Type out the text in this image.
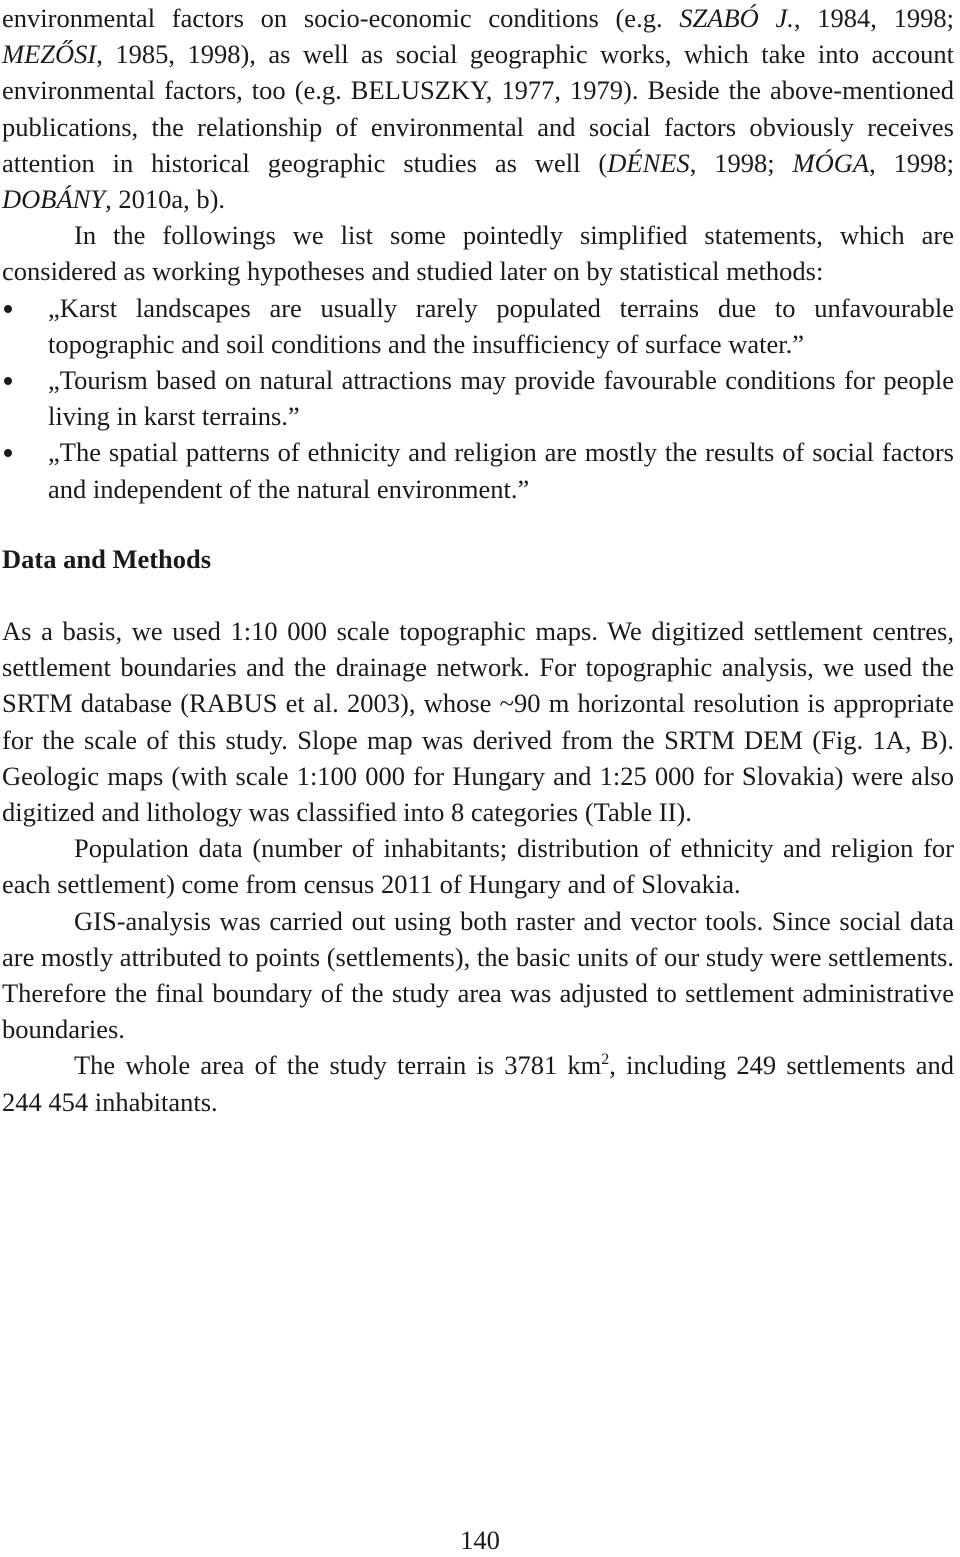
environmental factors on socio-economic conditions (e.g. SZABÓ J., 1984, 1998; MEZŐSI, 1985, 1998), as well as social geographic works, which take into account environmental factors, too (e.g. BELUSZKY, 1977, 1979). Beside the above-mentioned publications, the relationship of environmental and social factors obviously receives attention in historical geographic studies as well (DÉNES, 1998; MÓGA, 1998; DOBÁNY, 2010a, b).

In the followings we list some pointedly simplified statements, which are considered as working hypotheses and studied later on by statistical methods:

„Karst landscapes are usually rarely populated terrains due to unfavourable topographic and soil conditions and the insufficiency of surface water.”
„Tourism based on natural attractions may provide favourable conditions for people living in karst terrains.”
„The spatial patterns of ethnicity and religion are mostly the results of social factors and independent of the natural environment.”
Data and Methods

As a basis, we used 1:10 000 scale topographic maps. We digitized settlement centres, settlement boundaries and the drainage network. For topographic analysis, we used the SRTM database (RABUS et al. 2003), whose ~90 m horizontal resolution is appropriate for the scale of this study. Slope map was derived from the SRTM DEM (Fig. 1A, B). Geologic maps (with scale 1:100 000 for Hungary and 1:25 000 for Slovakia) were also digitized and lithology was classified into 8 categories (Table II).

Population data (number of inhabitants; distribution of ethnicity and religion for each settlement) come from census 2011 of Hungary and of Slovakia.

GIS-analysis was carried out using both raster and vector tools. Since social data are mostly attributed to points (settlements), the basic units of our study were settlements. Therefore the final boundary of the study area was adjusted to settlement administrative boundaries.

The whole area of the study terrain is 3781 $km^2$, including 249 settlements and 244 454 inhabitants.

140
